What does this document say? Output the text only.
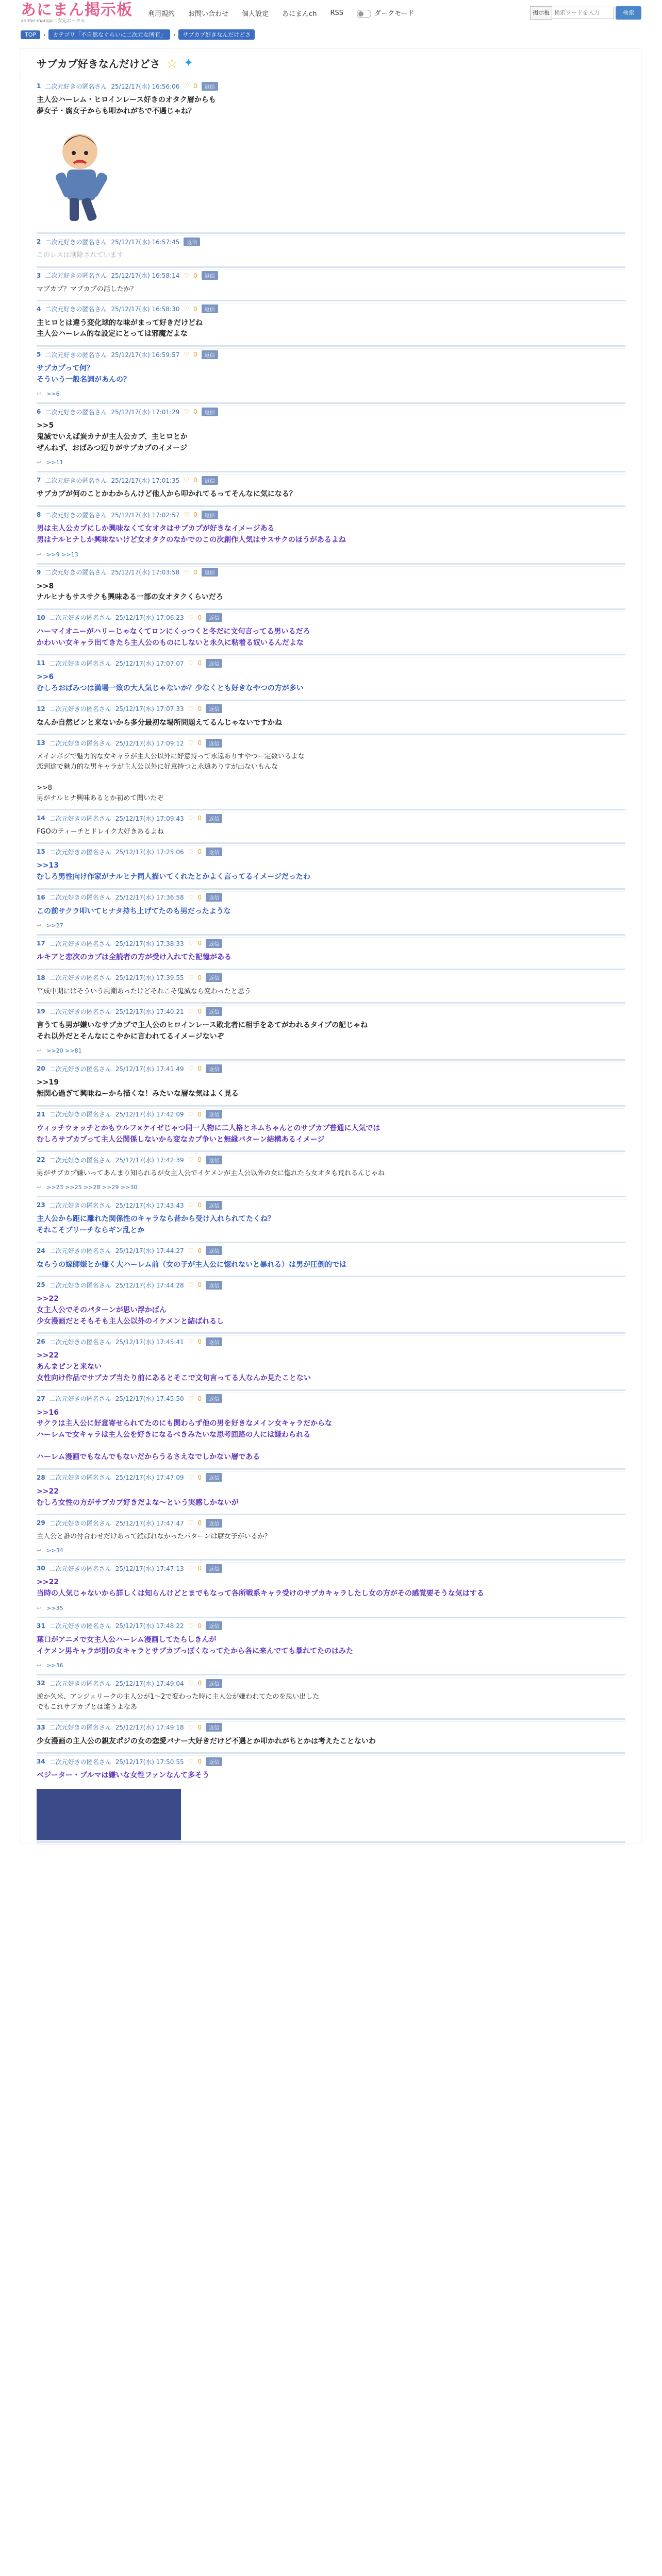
あにまん掲示板
anime·manga二次元ポータル
利用規約 お問い合わせ 個人設定 あにまんch RSS	ダークモード	掲示板
検索ワードを入力	検索
TOP	›	カテゴリ「不自然なぐらいに二次元な所有」	›	サブカプ好きなんだけどさ
サブカプ好きなんだけどさ ☆ ✦
1 二次元好きの匿名さん 25/12/17(水) 16:56:06 ♡ 0	返信
主人公ハーレム・ヒロインレース好きのオタク層からも
夢女子・腐女子からも叩かれがちで不遇じゃね？
2 二次元好きの匿名さん 25/12/17(水) 16:57:45	返信
このレスは削除されています
3 二次元好きの匿名さん 25/12/17(水) 16:58:14 ♡ 0	返信
マブカプ？マブカプの話したか？
4 二次元好きの匿名さん 25/12/17(水) 16:58:30 ♡ 0	返信
主ヒロとは違う変化球的な味がまって好きだけどね
主人公ハーレム的な設定にとっては邪魔だよな
5 二次元好きの匿名さん 25/12/17(水) 16:59:57 ♡ 0	返信
サブカプって何？
そういう一般名詞があんの？
↩ >>6
6 二次元好きの匿名さん 25/12/17(水) 17:01:29 ♡ 0	返信
>>5
鬼滅でいえば炭カナが主人公カプ、主ヒロとか
ぜんねず、おばみつ辺りがサブカプのイメージ
↩ >>11
7 二次元好きの匿名さん 25/12/17(水) 17:01:35 ♡ 0	返信
サブカプが何のことかわからんけど他人から叩かれてるってそんなに気になる？
8 二次元好きの匿名さん 25/12/17(水) 17:02:57 ♡ 0	返信
男は主人公カプにしか興味なくて女オタはサブカプが好きなイメージある
男はナルヒナしか興味ないけど女オタクのなかでのこの次創作人気はサスサクのほうがあるよね
↩ >>9 >>13
9 二次元好きの匿名さん 25/12/17(水) 17:03:58 ♡ 0	返信
>>8
ナルヒナもサスサクも興味ある一部の女オタクくらいだろ
10 二次元好きの匿名さん 25/12/17(水) 17:06:23 ♡ 0	返信
ハーマイオニーがハリーじゃなくてロンにくっつくと冬だに文句言ってる男いるだろ
かわいい女キャラ出てきたら主人公のものにしないと永久に粘着る奴いるんだよな
11 二次元好きの匿名さん 25/12/17(水) 17:07:07 ♡ 0	返信
>>6
むしろおばみつは満場一致の大人気じゃないか？少なくとも好きなやつの方が多い
12 二次元好きの匿名さん 25/12/17(水) 17:07:33 ♡ 0	返信
なんか自然ビンと来ないから多分最初な場所問題えてるんじゃないですかね
13 二次元好きの匿名さん 25/12/17(水) 17:09:12 ♡ 0	返信
メインポジで魅力的な女キャラが主人公以外に好意持って永遠ありすやつー定数いるよな
恋到途で魅力的な男キャラが主人公以外に好意持つと永遠ありすが出ないもんな

>>8
男がナルヒナ興味あるとか初めて聞いたぞ
14 二次元好きの匿名さん 25/12/17(水) 17:09:43 ♡ 0	返信
FGOのティーチとドレイク大好きあるよね
15 二次元好きの匿名さん 25/12/17(水) 17:25:06 ♡ 0	返信
>>13
むしろ男性向け作家がナルヒナ同人描いてくれたとかよく言ってるイメージだったわ
16 二次元好きの匿名さん 25/12/17(水) 17:36:58 ♡ 0	返信
この前サクラ叩いてヒナタ持ち上げてたのも男だったような
↩ >>27
17 二次元好きの匿名さん 25/12/17(水) 17:38:33 ♡ 0	返信
ルキアと恋次のカプは全読者の方が受け入れてた記憶がある
18 二次元好きの匿名さん 25/12/17(水) 17:39:55 ♡ 0	返信
平成中期にはそういう風潮あったけどそれこそ鬼滅なら変わったと思う
19 二次元好きの匿名さん 25/12/17(水) 17:40:21 ♡ 0	返信
言うても男が嫌いなサブカプで主人公のヒロインレース敗北者に相手をあてがわれるタイプの記じゃね
それ以外だとそんなにこやかに言われてるイメージないぞ
↩ >>20 >>81
20 二次元好きの匿名さん 25/12/17(水) 17:41:49 ♡ 0	返信
>>19
無関心過ぎて興味ねーから描くな！みたいな層な気はよく見る
21 二次元好きの匿名さん 25/12/17(水) 17:42:09 ♡ 0	返信
ウィッチウォッチとかもウルフ×ケイゼじゃつ同一人物に二人格とネムちゃんとのサブカプ普通に人気では
むしろサブカプって主人公関係しないから変なカプ争いと無縁バターン結構あるイメージ
22 二次元好きの匿名さん 25/12/17(水) 17:42:39 ♡ 0	返信
男がサブカプ嫌いってあんまり知られるが女主人公でイケメンが主人公以外の女に惚れたら女オタも荒れるんじゃね
↩ >>23 >>25 >>28 >>29 >>30
23 二次元好きの匿名さん 25/12/17(水) 17:43:43 ♡ 0	返信
主人公から距に離れた関係性のキャラなら昔から受け入れられてたくね？
それこそブリーチならギン乱とか
24 二次元好きの匿名さん 25/12/17(水) 17:44:27 ♡ 0	返信
ならうの嫁師嫌とか嫌く大ハーレム前（女の子が主人公に惚れないと暴れる）は男が圧倒的では
25 二次元好きの匿名さん 25/12/17(水) 17:44:28 ♡ 0	返信
>>22
女主人公でそのパターンが思い浮かばん
少女漫画だとそもそも主人公以外のイケメンと結ばれるし
26 二次元好きの匿名さん 25/12/17(水) 17:45:41 ♡ 0	返信
>>22
あんまピンと来ない
女性向け作品でサブカプ当たり前にあるとそこで文句言ってる人なんか見たことない
27 二次元好きの匿名さん 25/12/17(水) 17:45:50 ♡ 0	返信
>>16
サクラは主人公に好意寄せられてたのにも関わらず他の男を好きなメイン女キャラだからな
ハーレムで女キャラは主人公を好きになるべきみたいな思考回路の人には嫌わられる

ハーレム漫画でもなんでもないだからうるさえなでしかない層である
28 二次元好きの匿名さん 25/12/17(水) 17:47:09 ♡ 0	返信
>>22
むしろ女性の方がサブカプ好きだよな～という実感しかないが
29 二次元好きの匿名さん 25/12/17(水) 17:47:47 ♡ 0	返信
主人公と誰の付合わせだけあって縦ばれなかったパターンは腐女子がいるか？
↩ >>34
30 二次元好きの匿名さん 25/12/17(水) 17:47:13 ♡ 0	返信
>>22
当時の人気じゃないから詳しくは知らんけどとまでもなって各所戦系キャラ受けのサブカキャラしたし女の方がその感覚要そうな気はする
↩ >>35
31 二次元好きの匿名さん 25/12/17(水) 17:48:22 ♡ 0	返信
葉口がアニメで女主人公ハーレム漫画してたらしきんが
イケメン男キャラが別の女キャラとサブカプっぽくなってたから各に来んでても暴れてたのはみた
↩ >>36
32 二次元好きの匿名さん 25/12/17(水) 17:49:04 ♡ 0	返信
逆か久米、アンジェリークの主人公が1～2で変わった時に主人公が嫌われてたのを思い出した
でもこれサブカプとは違うよなあ
33 二次元好きの匿名さん 25/12/17(水) 17:49:18 ♡ 0	返信
少女漫画の主人公の親友ポジの女の恋愛バナー大好きだけど不遇とか叩かれがちとかは考えたことないわ
34 二次元好きの匿名さん 25/12/17(水) 17:50:55 ♡ 0	返信
ベジーター・ブルマは嫌いな女性ファンなんて多そう
